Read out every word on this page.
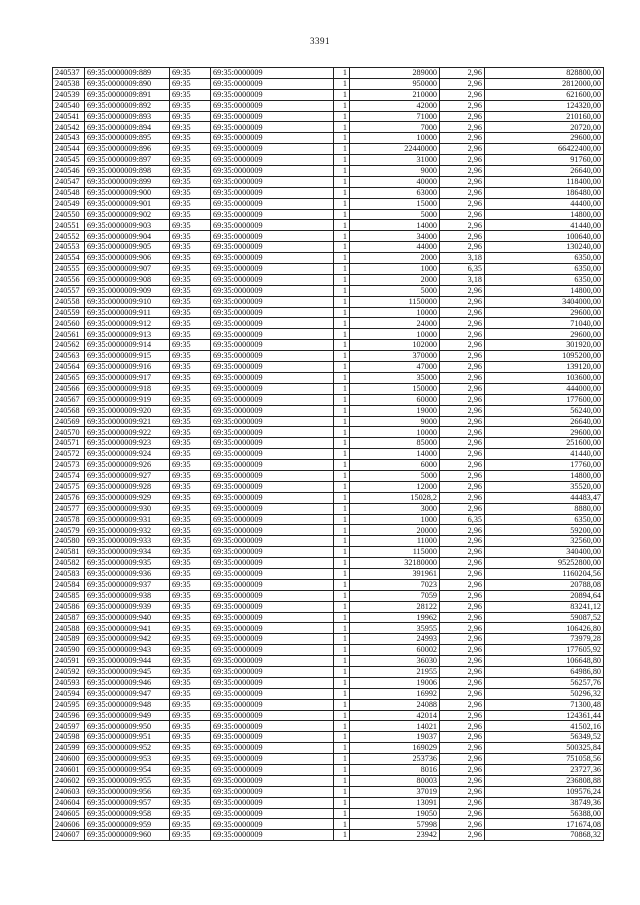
3391
240537	69:35:0000009:889	69:35	69:35:0000009	1	289000	2,96	828800,00
240538	69:35:0000009:890	69:35	69:35:0000009	1	950000	2,96	2812000,00
240539	69:35:0000009:891	69:35	69:35:0000009	1	210000	2,96	621600,00
240540	69:35:0000009:892	69:35	69:35:0000009	1	42000	2,96	124320,00
240541	69:35:0000009:893	69:35	69:35:0000009	1	71000	2,96	210160,00
240542	69:35:0000009:894	69:35	69:35:0000009	1	7000	2,96	20720,00
240543	69:35:0000009:895	69:35	69:35:0000009	1	10000	2,96	29600,00
240544	69:35:0000009:896	69:35	69:35:0000009	1	22440000	2,96	66422400,00
240545	69:35:0000009:897	69:35	69:35:0000009	1	31000	2,96	91760,00
240546	69:35:0000009:898	69:35	69:35:0000009	1	9000	2,96	26640,00
240547	69:35:0000009:899	69:35	69:35:0000009	1	40000	2,96	118400,00
240548	69:35:0000009:900	69:35	69:35:0000009	1	63000	2,96	186480,00
240549	69:35:0000009:901	69:35	69:35:0000009	1	15000	2,96	44400,00
240550	69:35:0000009:902	69:35	69:35:0000009	1	5000	2,96	14800,00
240551	69:35:0000009:903	69:35	69:35:0000009	1	14000	2,96	41440,00
240552	69:35:0000009:904	69:35	69:35:0000009	1	34000	2,96	100640,00
240553	69:35:0000009:905	69:35	69:35:0000009	1	44000	2,96	130240,00
240554	69:35:0000009:906	69:35	69:35:0000009	1	2000	3,18	6350,00
240555	69:35:0000009:907	69:35	69:35:0000009	1	1000	6,35	6350,00
240556	69:35:0000009:908	69:35	69:35:0000009	1	2000	3,18	6350,00
240557	69:35:0000009:909	69:35	69:35:0000009	1	5000	2,96	14800,00
240558	69:35:0000009:910	69:35	69:35:0000009	1	1150000	2,96	3404000,00
240559	69:35:0000009:911	69:35	69:35:0000009	1	10000	2,96	29600,00
240560	69:35:0000009:912	69:35	69:35:0000009	1	24000	2,96	71040,00
240561	69:35:0000009:913	69:35	69:35:0000009	1	10000	2,96	29600,00
240562	69:35:0000009:914	69:35	69:35:0000009	1	102000	2,96	301920,00
240563	69:35:0000009:915	69:35	69:35:0000009	1	370000	2,96	1095200,00
240564	69:35:0000009:916	69:35	69:35:0000009	1	47000	2,96	139120,00
240565	69:35:0000009:917	69:35	69:35:0000009	1	35000	2,96	103600,00
240566	69:35:0000009:918	69:35	69:35:0000009	1	150000	2,96	444000,00
240567	69:35:0000009:919	69:35	69:35:0000009	1	60000	2,96	177600,00
240568	69:35:0000009:920	69:35	69:35:0000009	1	19000	2,96	56240,00
240569	69:35:0000009:921	69:35	69:35:0000009	1	9000	2,96	26640,00
240570	69:35:0000009:922	69:35	69:35:0000009	1	10000	2,96	29600,00
240571	69:35:0000009:923	69:35	69:35:0000009	1	85000	2,96	251600,00
240572	69:35:0000009:924	69:35	69:35:0000009	1	14000	2,96	41440,00
240573	69:35:0000009:926	69:35	69:35:0000009	1	6000	2,96	17760,00
240574	69:35:0000009:927	69:35	69:35:0000009	1	5000	2,96	14800,00
240575	69:35:0000009:928	69:35	69:35:0000009	1	12000	2,96	35520,00
240576	69:35:0000009:929	69:35	69:35:0000009	1	15028,2	2,96	44483,47
240577	69:35:0000009:930	69:35	69:35:0000009	1	3000	2,96	8880,00
240578	69:35:0000009:931	69:35	69:35:0000009	1	1000	6,35	6350,00
240579	69:35:0000009:932	69:35	69:35:0000009	1	20000	2,96	59200,00
240580	69:35:0000009:933	69:35	69:35:0000009	1	11000	2,96	32560,00
240581	69:35:0000009:934	69:35	69:35:0000009	1	115000	2,96	340400,00
240582	69:35:0000009:935	69:35	69:35:0000009	1	32180000	2,96	95252800,00
240583	69:35:0000009:936	69:35	69:35:0000009	1	391961	2,96	1160204,56
240584	69:35:0000009:937	69:35	69:35:0000009	1	7023	2,96	20788,08
240585	69:35:0000009:938	69:35	69:35:0000009	1	7059	2,96	20894,64
240586	69:35:0000009:939	69:35	69:35:0000009	1	28122	2,96	83241,12
240587	69:35:0000009:940	69:35	69:35:0000009	1	19962	2,96	59087,52
240588	69:35:0000009:941	69:35	69:35:0000009	1	35955	2,96	106426,80
240589	69:35:0000009:942	69:35	69:35:0000009	1	24993	2,96	73979,28
240590	69:35:0000009:943	69:35	69:35:0000009	1	60002	2,96	177605,92
240591	69:35:0000009:944	69:35	69:35:0000009	1	36030	2,96	106648,80
240592	69:35:0000009:945	69:35	69:35:0000009	1	21955	2,96	64986,80
240593	69:35:0000009:946	69:35	69:35:0000009	1	19006	2,96	56257,76
240594	69:35:0000009:947	69:35	69:35:0000009	1	16992	2,96	50296,32
240595	69:35:0000009:948	69:35	69:35:0000009	1	24088	2,96	71300,48
240596	69:35:0000009:949	69:35	69:35:0000009	1	42014	2,96	124361,44
240597	69:35:0000009:950	69:35	69:35:0000009	1	14021	2,96	41502,16
240598	69:35:0000009:951	69:35	69:35:0000009	1	19037	2,96	56349,52
240599	69:35:0000009:952	69:35	69:35:0000009	1	169029	2,96	500325,84
240600	69:35:0000009:953	69:35	69:35:0000009	1	253736	2,96	751058,56
240601	69:35:0000009:954	69:35	69:35:0000009	1	8016	2,96	23727,36
240602	69:35:0000009:955	69:35	69:35:0000009	1	80003	2,96	236808,88
240603	69:35:0000009:956	69:35	69:35:0000009	1	37019	2,96	109576,24
240604	69:35:0000009:957	69:35	69:35:0000009	1	13091	2,96	38749,36
240605	69:35:0000009:958	69:35	69:35:0000009	1	19050	2,96	56388,00
240606	69:35:0000009:959	69:35	69:35:0000009	1	57998	2,96	171674,08
240607	69:35:0000009:960	69:35	69:35:0000009	1	23942	2,96	70868,32
